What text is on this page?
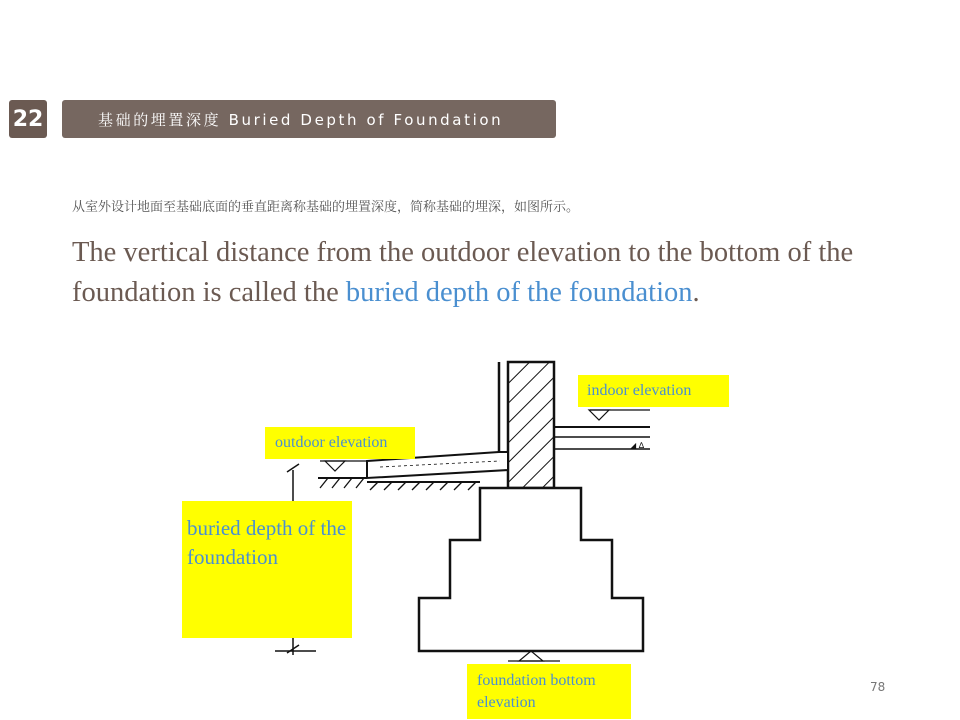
22	基础的埋置深度 Buried Depth of Foundation
从室外设计地面至基础底面的垂直距离称基础的埋置深度，简称基础的埋深，如图所示。
The vertical distance from the outdoor elevation to the bottom of the foundation is called the buried depth of the foundation.
◢ ∆
indoor elevation
outdoor elevation
buried depth of the foundation
foundation bottom elevation
78
